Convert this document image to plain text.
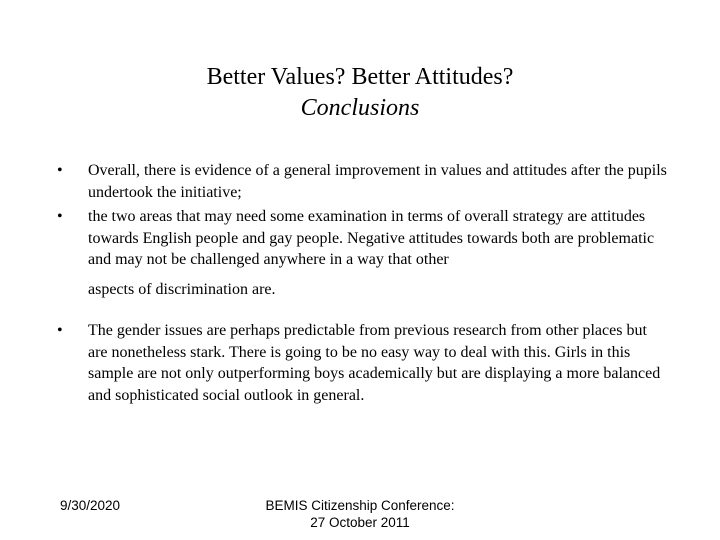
Better Values? Better Attitudes?
Conclusions
• Overall, there is evidence of a general improvement in values and attitudes after the pupils undertook the initiative;
• the two areas that may need some examination in terms of overall strategy are attitudes towards English people and gay people. Negative attitudes towards both are problematic and may not be challenged anywhere in a way that other
aspects of discrimination are.
• The gender issues are perhaps predictable from previous research from other places but are nonetheless stark. There is going to be no easy way to deal with this. Girls in this sample are not only outperforming boys academically but are displaying a more balanced and sophisticated social outlook in general.
9/30/2020	BEMIS Citizenship Conference:
27 October 2011
